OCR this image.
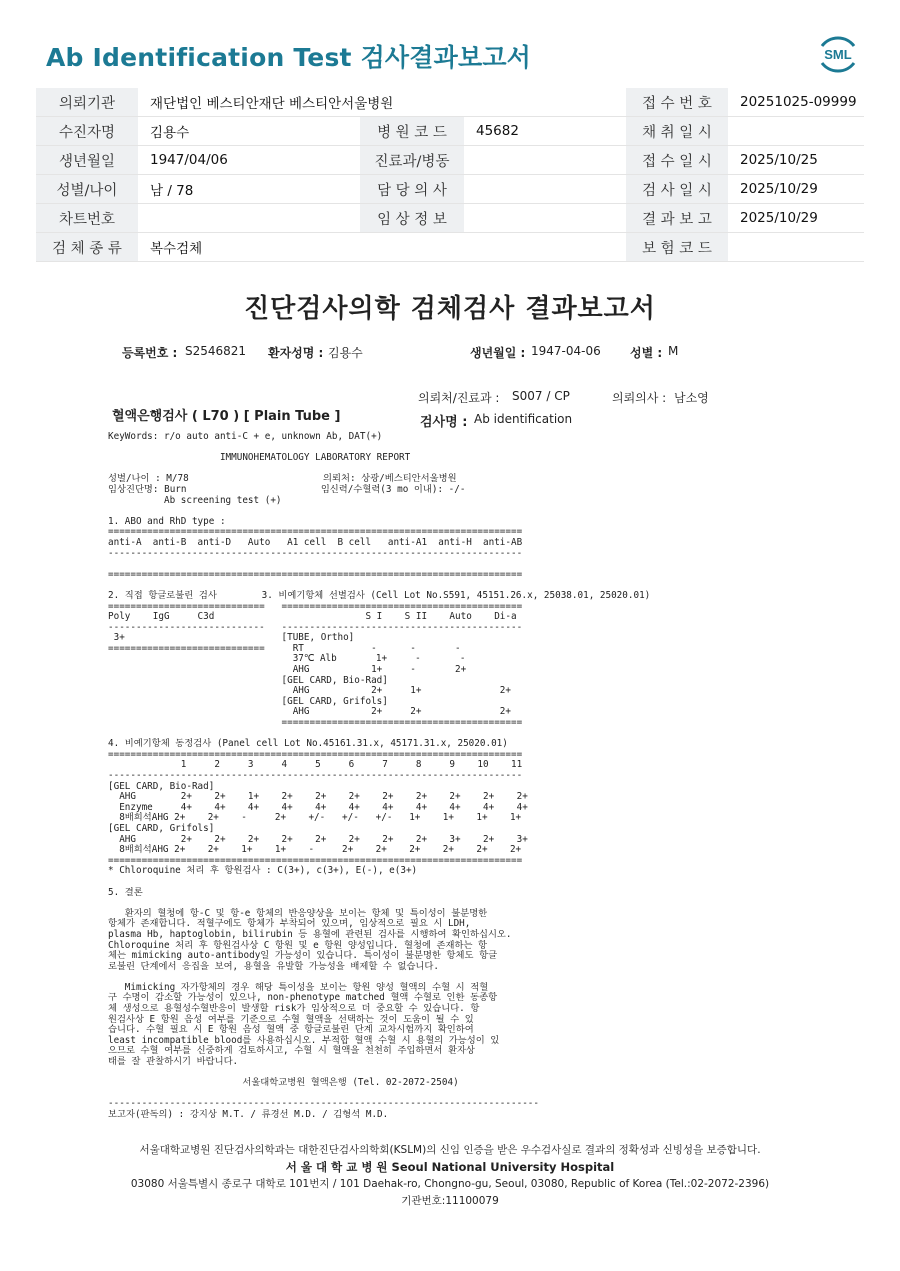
Ab Identification Test 검사결과보고서	SML
의뢰기관	재단법인 베스티안재단 베스티안서울병원			접 수 번 호	20251025-09999
수진자명	김용수	병 원 코 드	45682	채 취 일 시	
생년월일	1947/04/06	진료과/병동		접 수 일 시	2025/10/25
성별/나이	남 / 78	담 당 의 사		검 사 일 시	2025/10/29
차트번호		임 상 정 보		결 과 보 고	2025/10/29
검 체 종 류	복수검체			보 험 코 드	
진단검사의학 검체검사 결과보고서
등록번호 : S2546821 환자성명 : 김용수	생년월일 : 1947-04-06 성별 : M
의뢰처/진료과 : S007 / CP	의뢰의사 : 남소영
혈액은행검사 ( L70 ) [ Plain Tube ]	검사명 : Ab identification
KeyWords: r/o auto anti-C + e, unknown Ab, DAT(+)

IMMUNOHEMATOLOGY LABORATORY REPORT

성별/나이 : M/78                        의뢰처: 상광/베스티안서울병원
임상진단명: Burn                        임신력/수혈력(3 mo 이내): -/-
Ab screening test (+)

1. ABO and RhD type :
==========================================================================
anti-A  anti-B  anti-D   Auto   A1 cell  B cell   anti-A1  anti-H  anti-AB
--------------------------------------------------------------------------

==========================================================================

2. 직접 항글로불린 검사        3. 비예기항체 선별검사 (Cell Lot No.S591, 45151.26.x, 25038.01, 25020.01)
============================   ===========================================
Poly    IgG     C3d                           S I    S II    Auto    Di-a
----------------------------   -------------------------------------------
3+                            [TUBE, Ortho]
============================     RT            -      -       -
37℃ Alb       1+     -       -
AHG           1+     -       2+
[GEL CARD, Bio-Rad]
AHG           2+     1+              2+
[GEL CARD, Grifols]
AHG           2+     2+              2+
===========================================

4. 비예기항체 동정검사 (Panel cell Lot No.45161.31.x, 45171.31.x, 25020.01)
==========================================================================
1     2     3     4     5     6     7     8     9    10    11
--------------------------------------------------------------------------
[GEL CARD, Bio-Rad]
AHG        2+    2+    1+    2+    2+    2+    2+    2+    2+    2+    2+
Enzyme     4+    4+    4+    4+    4+    4+    4+    4+    4+    4+    4+
8배희석AHG 2+    2+    -     2+    +/-   +/-   +/-   1+    1+    1+    1+
[GEL CARD, Grifols]
AHG        2+    2+    2+    2+    2+    2+    2+    2+    3+    2+    3+
8배희석AHG 2+    2+    1+    1+    -     2+    2+    2+    2+    2+    2+
==========================================================================
* Chloroquine 처리 후 항원검사 : C(3+), c(3+), E(-), e(3+)

5. 결론

환자의 혈청에 항-C 및 항-e 항체의 반응양상을 보이는 항체 및 특이성이 불분명한
항체가 존재합니다. 적혈구에도 항체가 부착되어 있으며, 임상적으로 필요 시 LDH,
plasma Hb, haptoglobin, bilirubin 등 용혈에 관련된 검사를 시행하여 확인하십시오.
Chloroquine 처리 후 항원검사상 C 항원 및 e 항원 양성입니다. 혈청에 존재하는 항
체는 mimicking auto-antibody일 가능성이 있습니다. 특이성이 불분명한 항체도 항글
로불린 단계에서 응집을 보여, 용혈을 유발할 가능성을 배제할 수 없습니다.

Mimicking 자가항체의 경우 해당 특이성을 보이는 항원 양성 혈액의 수혈 시 적혈
구 수명이 감소할 가능성이 있으나, non-phenotype matched 혈액 수혈로 인한 동종항
체 생성으로 용혈성수혈반응이 발생할 risk가 임상적으로 더 중요할 수 있습니다. 항
원검사상 E 항원 음성 여부를 기준으로 수혈 혈액을 선택하는 것이 도움이 될 수 있
습니다. 수혈 필요 시 E 항원 음성 혈액 중 항글로불린 단계 교차시험까지 확인하여
least incompatible blood를 사용하십시오. 부적합 혈액 수혈 시 용혈의 가능성이 있
으므로 수혈 여부를 신중하게 검토하시고, 수혈 시 혈액을 천천히 주입하면서 환자상
태를 잘 관찰하시기 바랍니다.

서울대학교병원 혈액은행 (Tel. 02-2072-2504)

-----------------------------------------------------------------------------
보고자(판독의) : 강지상 M.T. / 류경선 M.D. / 김형석 M.D.
서울대학교병원 진단검사의학과는 대한진단검사의학회(KSLM)의 신임 인증을 받은 우수검사실로 결과의 정확성과 신빙성을 보증합니다.
서 울 대 학 교 병 원 Seoul National University Hospital
03080 서울특별시 종로구 대학로 101번지 / 101 Daehak-ro, Chongno-gu, Seoul, 03080, Republic of Korea (Tel.:02-2072-2396)
기관번호:11100079
